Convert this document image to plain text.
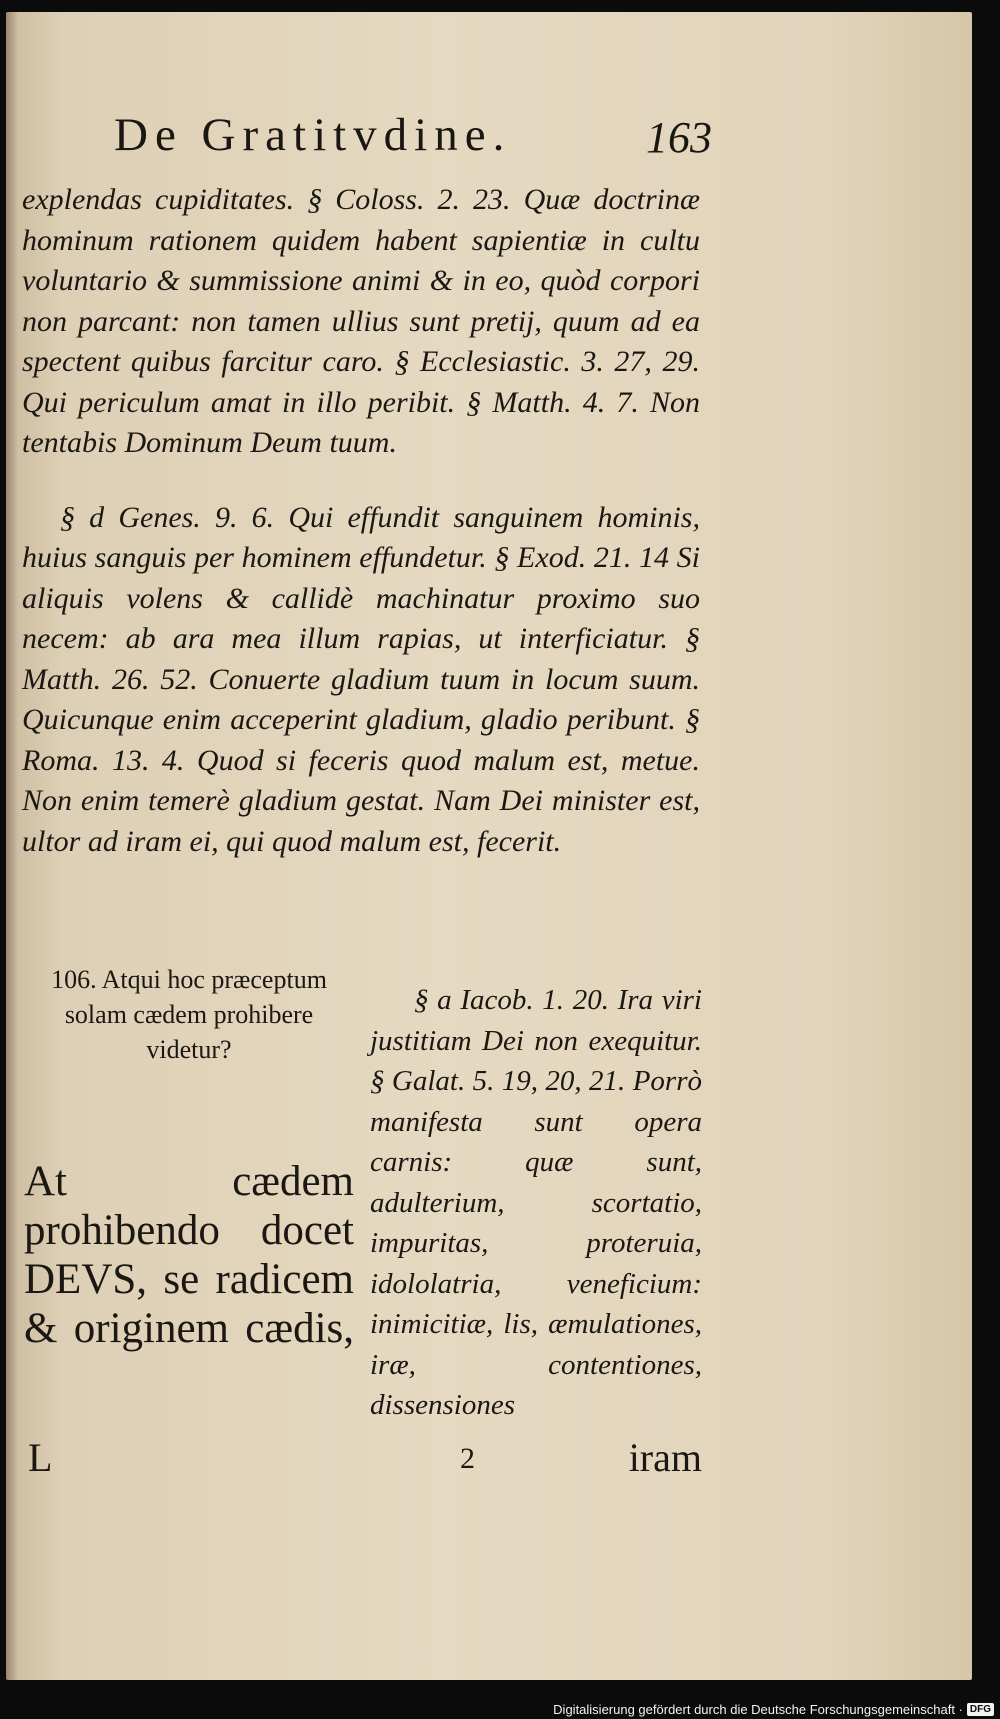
De Gratitvdine.	163

explendas cupiditates. § Coloss. 2. 23. Quæ doctrinæ hominum rationem quidem habent sapientiæ in cultu voluntario & summissione animi & in eo, quòd corpori non parcant: non tamen ullius sunt pretij, quum ad ea spectent quibus farcitur caro. § Ecclesiastic. 3. 27, 29. Qui periculum amat in illo peribit. § Matth. 4. 7. Non tentabis Dominum Deum tuum.

§ d Genes. 9. 6. Qui effundit sanguinem hominis, huius sanguis per hominem effundetur. § Exod. 21. 14 Si aliquis volens & callidè machinatur proximo suo necem: ab ara mea illum rapias, ut interficiatur. § Matth. 26. 52. Conuerte gladium tuum in locum suum. Quicunque enim acceperint gladium, gladio peribunt. § Roma. 13. 4. Quod si feceris quod malum est, metue. Non enim temerè gladium gestat. Nam Dei minister est, ultor ad iram ei, qui quod malum est, fecerit.

106. Atqui hoc præceptum solam cædem prohibere videtur?
At cædem prohibendo docet DEVS, se radicem & originem cædis,
§ a Iacob. 1. 20. Ira viri justitiam Dei non exequitur. § Galat. 5. 19, 20, 21. Porrò manifesta sunt opera carnis: quæ sunt, adulterium, scortatio, impuritas, proteruia, idololatria, veneficium: inimicitiæ, lis, æmulationes, iræ, contentiones, dissensiones
L	2	iram
Digitalisierung gefördert durch die Deutsche Forschungsgemeinschaft · DFG
